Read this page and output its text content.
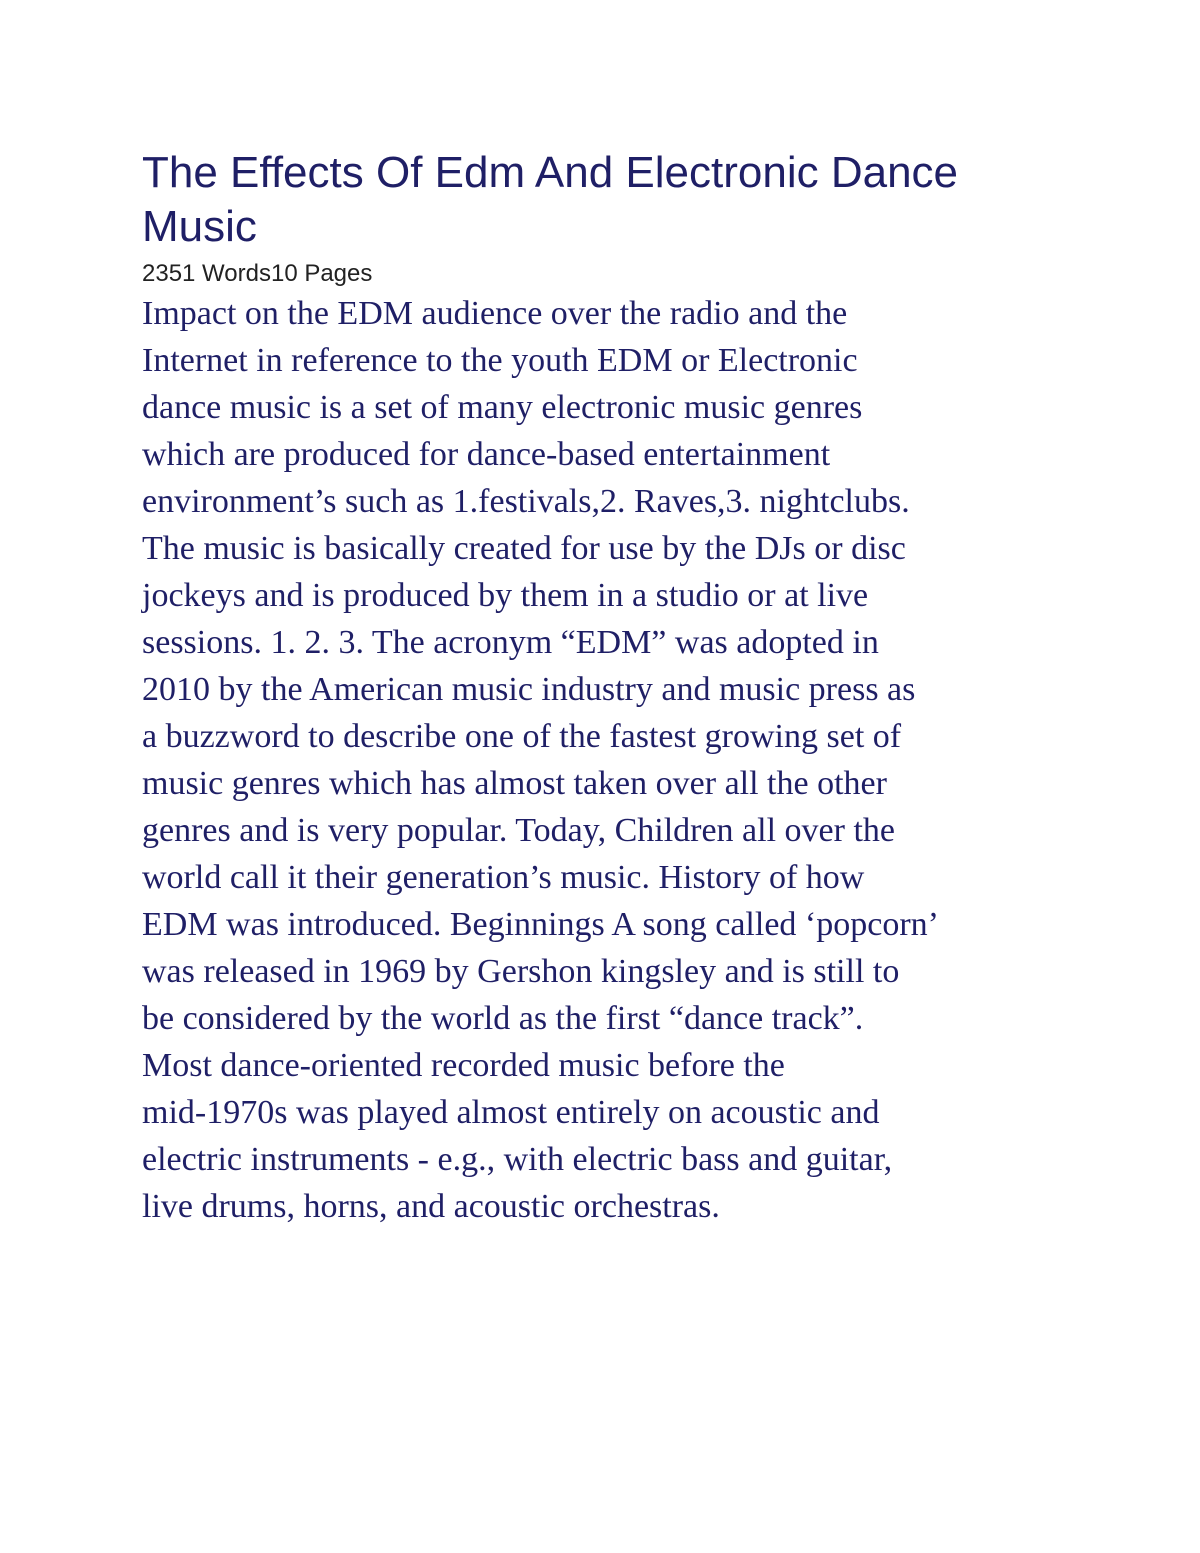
The Effects Of Edm And Electronic Dance Music
2351 Words10 Pages

Impact on the EDM audience over the radio and the
Internet in reference to the youth EDM or Electronic
dance music is a set of many electronic music genres
which are produced for dance-based entertainment
environment’s such as 1.festivals,2. Raves,3. nightclubs.
The music is basically created for use by the DJs or disc
jockeys and is produced by them in a studio or at live
sessions. 1. 2. 3. The acronym “EDM” was adopted in
2010 by the American music industry and music press as
a buzzword to describe one of the fastest growing set of
music genres which has almost taken over all the other
genres and is very popular. Today, Children all over the
world call it their generation’s music. History of how
EDM was introduced. Beginnings A song called ‘popcorn’
was released in 1969 by Gershon kingsley and is still to
be considered by the world as the first “dance track”.
Most dance-oriented recorded music before the
mid-1970s was played almost entirely on acoustic and
electric instruments - e.g., with electric bass and guitar,
live drums, horns, and acoustic orchestras.
